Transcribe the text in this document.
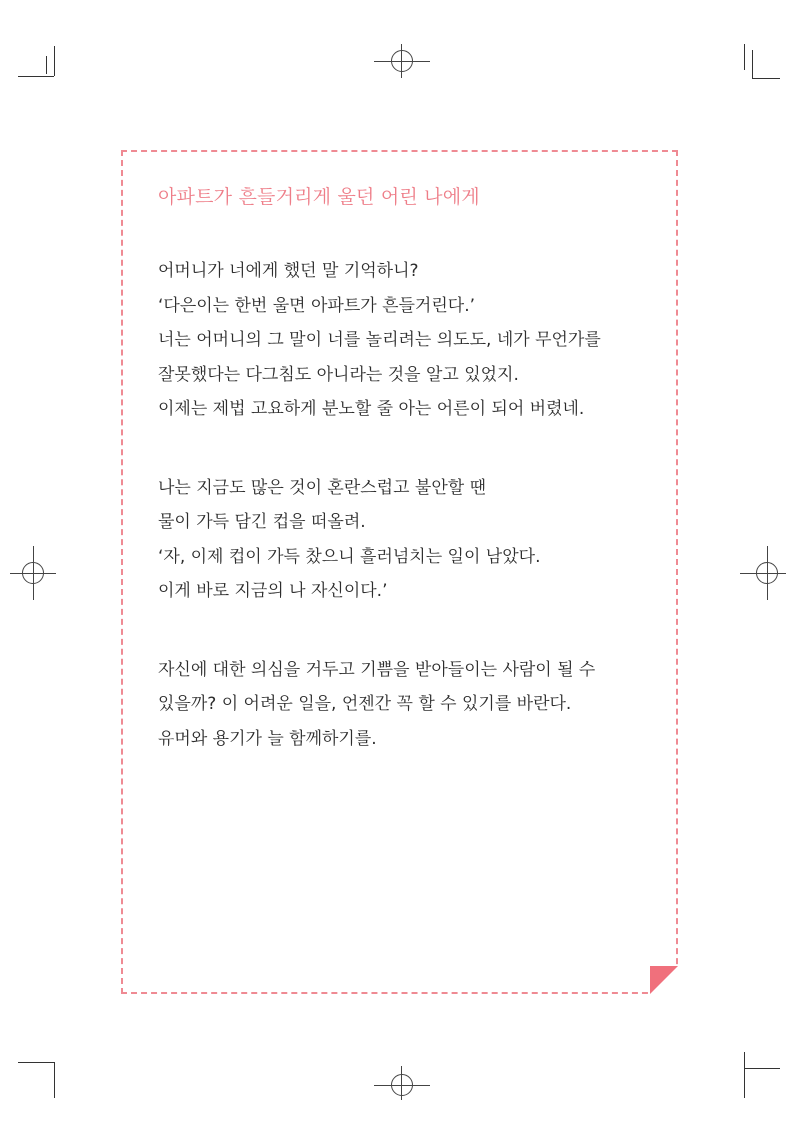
아파트가 흔들거리게 울던 어린 나에게
어머니가 너에게 했던 말 기억하니?
‘다은이는 한번 울면 아파트가 흔들거린다.’
너는 어머니의 그 말이 너를 놀리려는 의도도, 네가 무언가를
잘못했다는 다그침도 아니라는 것을 알고 있었지.
이제는 제법 고요하게 분노할 줄 아는 어른이 되어 버렸네.
나는 지금도 많은 것이 혼란스럽고 불안할 땐
물이 가득 담긴 컵을 떠올려.
‘자, 이제 컵이 가득 찼으니 흘러넘치는 일이 남았다.
이게 바로 지금의 나 자신이다.’
자신에 대한 의심을 거두고 기쁨을 받아들이는 사람이 될 수
있을까? 이 어려운 일을, 언젠간 꼭 할 수 있기를 바란다.
유머와 용기가 늘 함께하기를.
